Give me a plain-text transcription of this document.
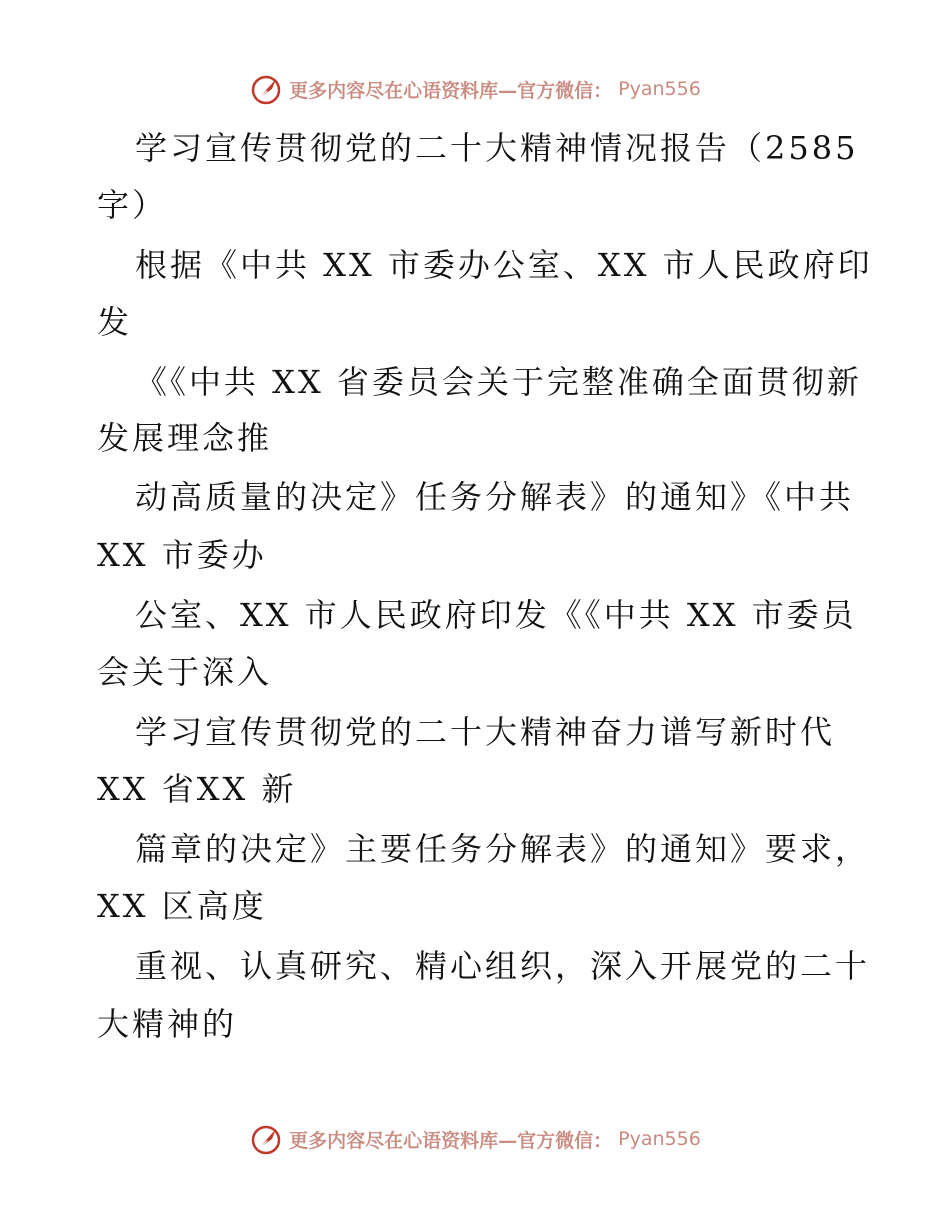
更多内容尽在心语资料库—官方微信： Pyan556
学习宣传贯彻党的二十大精神情况报告（2585
字）
根据《中共 XX 市委办公室、XX 市人民政府印
发
《《中共 XX 省委员会关于完整准确全面贯彻新
发展理念推
动高质量的决定》任务分解表》的通知》《中共
XX 市委办
公室、XX 市人民政府印发《《中共 XX 市委员
会关于深入
学习宣传贯彻党的二十大精神奋力谱写新时代
XX 省XX 新
篇章的决定》主要任务分解表》的通知》要求，
XX 区高度
重视、认真研究、精心组织，深入开展党的二十
大精神的
更多内容尽在心语资料库—官方微信： Pyan556
